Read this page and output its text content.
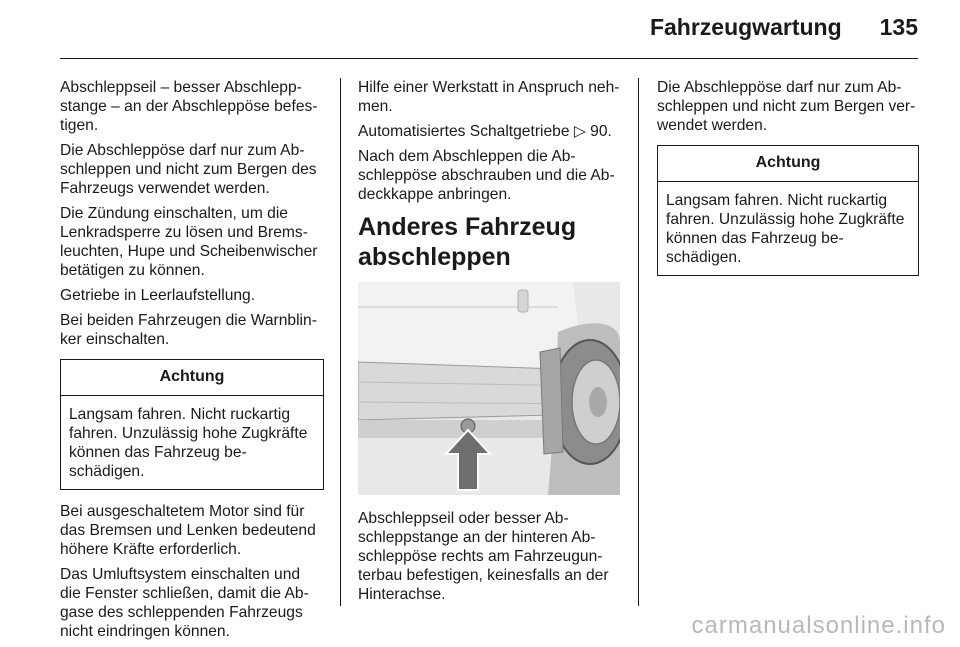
Fahrzeugwartung 135

Abschleppseil – besser Abschleppstange – an der Abschleppöse befestigen.

Die Abschleppöse darf nur zum Abschleppen und nicht zum Bergen des Fahrzeugs verwendet werden.

Die Zündung einschalten, um die Lenkradsperre zu lösen und Bremsleuchten, Hupe und Scheibenwischer betätigen zu können.

Getriebe in Leerlaufstellung.

Bei beiden Fahrzeugen die Warnblinker einschalten.

Achtung
Langsam fahren. Nicht ruckartig fahren. Unzulässig hohe Zugkräfte können das Fahrzeug beschädigen.

Bei ausgeschaltetem Motor sind für das Bremsen und Lenken bedeutend höhere Kräfte erforderlich.

Das Umluftsystem einschalten und die Fenster schließen, damit die Abgase des schleppenden Fahrzeugs nicht eindringen können.

Hilfe einer Werkstatt in Anspruch nehmen.

Automatisiertes Schaltgetriebe ▷ 90.

Nach dem Abschleppen die Abschleppöse abschrauben und die Abdeckkappe anbringen.

Anderes Fahrzeug
abschleppen

Abschleppseil oder besser Abschleppstange an der hinteren Abschleppöse rechts am Fahrzeugunterbau befestigen, keinesfalls an der Hinterachse.

Die Abschleppöse darf nur zum Abschleppen und nicht zum Bergen verwendet werden.

Achtung
Langsam fahren. Nicht ruckartig fahren. Unzulässig hohe Zugkräfte können das Fahrzeug beschädigen.
carmanualsonline.info
